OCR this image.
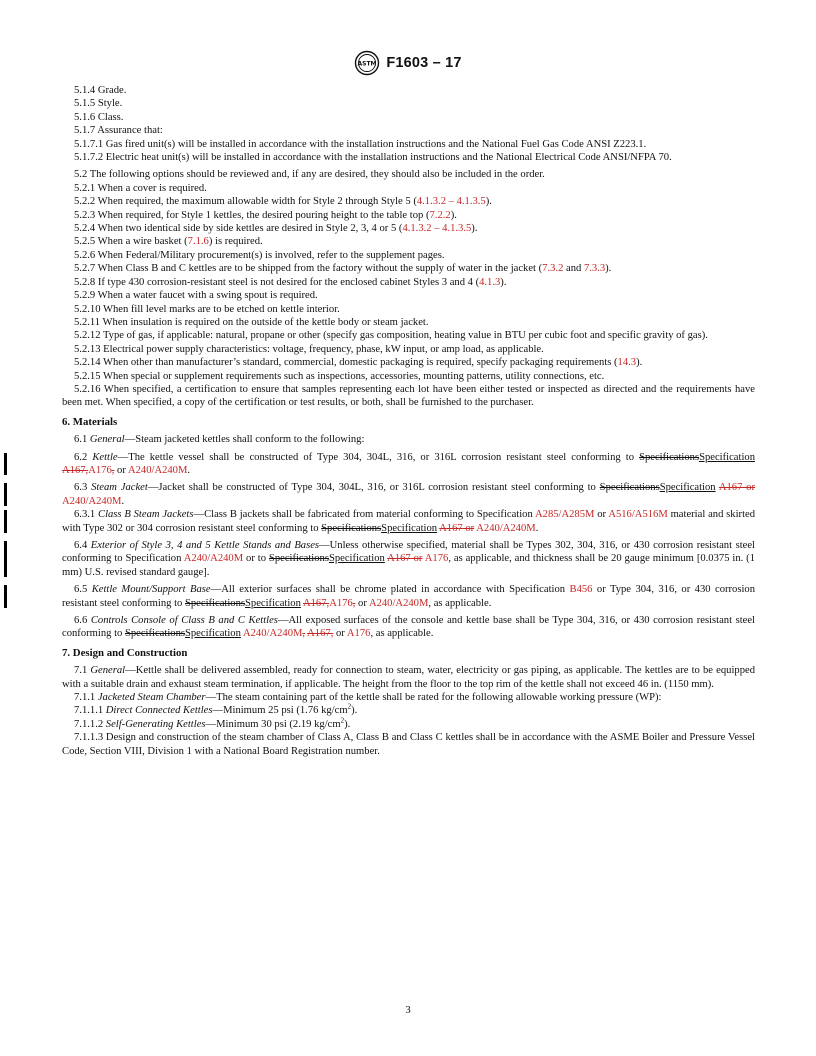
ASTM F1603 – 17

5.1.4 Grade.

5.1.5 Style.

5.1.6 Class.

5.1.7 Assurance that:

5.1.7.1 Gas fired unit(s) will be installed in accordance with the installation instructions and the National Fuel Gas Code ANSI Z223.1.

5.1.7.2 Electric heat unit(s) will be installed in accordance with the installation instructions and the National Electrical Code ANSI/NFPA 70.

5.2 The following options should be reviewed and, if any are desired, they should also be included in the order.

5.2.1 When a cover is required.

5.2.2 When required, the maximum allowable width for Style 2 through Style 5 (4.1.3.2 – 4.1.3.5).

5.2.3 When required, for Style 1 kettles, the desired pouring height to the table top (7.2.2).

5.2.4 When two identical side by side kettles are desired in Style 2, 3, 4 or 5 (4.1.3.2 – 4.1.3.5).

5.2.5 When a wire basket (7.1.6) is required.

5.2.6 When Federal/Military procurement(s) is involved, refer to the supplement pages.

5.2.7 When Class B and C kettles are to be shipped from the factory without the supply of water in the jacket (7.3.2 and 7.3.3).

5.2.8 If type 430 corrosion-resistant steel is not desired for the enclosed cabinet Styles 3 and 4 (4.1.3).

5.2.9 When a water faucet with a swing spout is required.

5.2.10 When fill level marks are to be etched on kettle interior.

5.2.11 When insulation is required on the outside of the kettle body or steam jacket.

5.2.12 Type of gas, if applicable: natural, propane or other (specify gas composition, heating value in BTU per cubic foot and specific gravity of gas).

5.2.13 Electrical power supply characteristics: voltage, frequency, phase, kW input, or amp load, as applicable.

5.2.14 When other than manufacturer’s standard, commercial, domestic packaging is required, specify packaging requirements (14.3).

5.2.15 When special or supplement requirements such as inspections, accessories, mounting patterns, utility connections, etc.

5.2.16 When specified, a certification to ensure that samples representing each lot have been either tested or inspected as directed and the requirements have been met. When specified, a copy of the certification or test results, or both, shall be furnished to the purchaser.

6. Materials

6.1 General—Steam jacketed kettles shall conform to the following:

6.2 Kettle—The kettle vessel shall be constructed of Type 304, 304L, 316, or 316L corrosion resistant steel conforming to SpecificationsSpecification A167,A176, or A240/A240M.

6.3 Steam Jacket—Jacket shall be constructed of Type 304, 304L, 316, or 316L corrosion resistant steel conforming to SpecificationsSpecification A167 or A240/A240M.

6.3.1 Class B Steam Jackets—Class B jackets shall be fabricated from material conforming to Specification A285/A285M or A516/A516M material and skirted with Type 302 or 304 corrosion resistant steel conforming to SpecificationsSpecification A167 or A240/A240M.

6.4 Exterior of Style 3, 4 and 5 Kettle Stands and Bases—Unless otherwise specified, material shall be Types 302, 304, 316, or 430 corrosion resistant steel conforming to Specification A240/A240M or to SpecificationsSpecification A167 or A176, as applicable, and thickness shall be 20 gauge minimum [0.0375 in. (1 mm) U.S. revised standard gauge].

6.5 Kettle Mount/Support Base—All exterior surfaces shall be chrome plated in accordance with Specification B456 or Type 304, 316, or 430 corrosion resistant steel conforming to SpecificationsSpecification A167,A176, or A240/A240M, as applicable.

6.6 Controls Console of Class B and C Kettles—All exposed surfaces of the console and kettle base shall be Type 304, 316, or 430 corrosion resistant steel conforming to SpecificationsSpecification A240/A240M, A167, or A176, as applicable.

7. Design and Construction

7.1 General—Kettle shall be delivered assembled, ready for connection to steam, water, electricity or gas piping, as applicable. The kettles are to be equipped with a suitable drain and exhaust steam termination, if applicable. The height from the floor to the top rim of the kettle shall not exceed 46 in. (1150 mm).

7.1.1 Jacketed Steam Chamber—The steam containing part of the kettle shall be rated for the following allowable working pressure (WP):

7.1.1.1 Direct Connected Kettles—Minimum 25 psi (1.76 $kg/cm^2$).

7.1.1.2 Self-Generating Kettles—Minimum 30 psi (2.19 $kg/cm^2$).

7.1.1.3 Design and construction of the steam chamber of Class A, Class B and Class C kettles shall be in accordance with the ASME Boiler and Pressure Vessel Code, Section VIII, Division 1 with a National Board Registration number.

3
